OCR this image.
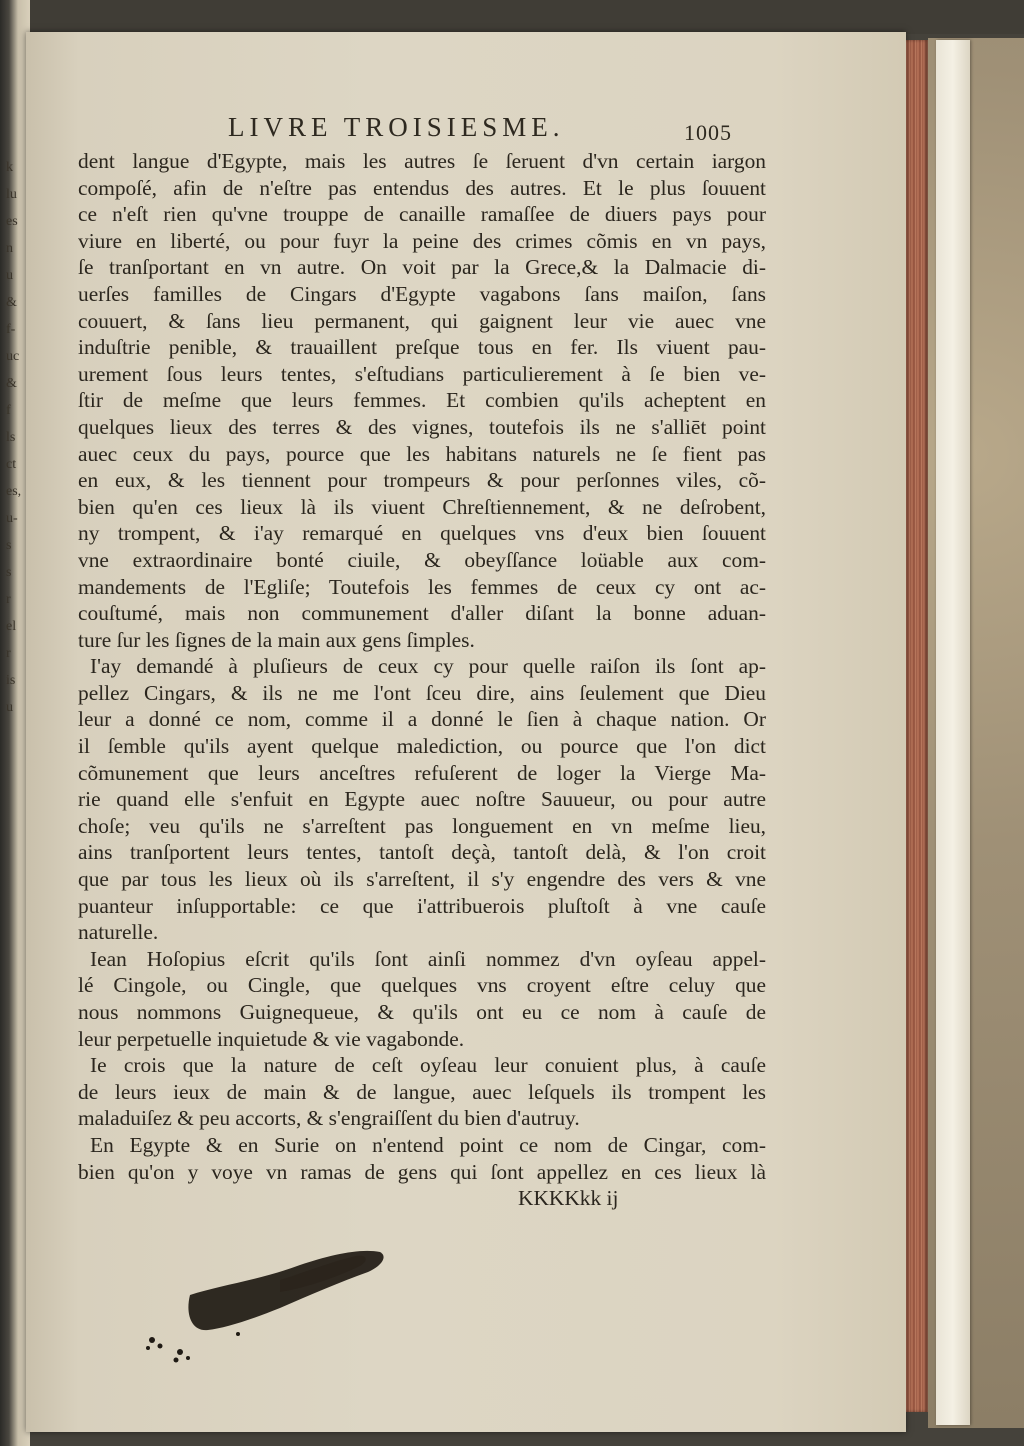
k
lu
es
n
u
&
f-
uc
&
f
ls
ct
es,
u-
s
s
r
el
r
is
u
LIVRE TROISIESME.	1005
dent langue d'Egypte, mais les autres ſe ſeruent d'vn certain iargon
compoſé, afin de n'eſtre pas entendus des autres. Et le plus ſouuent
ce n'eſt rien qu'vne trouppe de canaille ramaſſee de diuers pays pour
viure en liberté, ou pour fuyr la peine des crimes cõmis en vn pays,
ſe tranſportant en vn autre. On voit par la Grece,& la Dalmacie di-
uerſes familles de Cingars d'Egypte vagabons ſans maiſon, ſans
couuert, & ſans lieu permanent, qui gaignent leur vie auec vne
induſtrie penible, & trauaillent preſque tous en fer. Ils viuent pau-
urement ſous leurs tentes, s'eſtudians particulierement à ſe bien ve-
ſtir de meſme que leurs femmes. Et combien qu'ils acheptent en
quelques lieux des terres & des vignes, toutefois ils ne s'alliēt point
auec ceux du pays, pource que les habitans naturels ne ſe fient pas
en eux, & les tiennent pour trompeurs & pour perſonnes viles, cõ-
bien qu'en ces lieux là ils viuent Chreſtiennement, & ne deſrobent,
ny trompent, & i'ay remarqué en quelques vns d'eux bien ſouuent
vne extraordinaire bonté ciuile, & obeyſſance loüable aux com-
mandements de l'Egliſe; Toutefois les femmes de ceux cy ont ac-
couſtumé, mais non communement d'aller diſant la bonne aduan-
ture ſur les ſignes de la main aux gens ſimples.
I'ay demandé à pluſieurs de ceux cy pour quelle raiſon ils ſont ap-
pellez Cingars, & ils ne me l'ont ſceu dire, ains ſeulement que Dieu
leur a donné ce nom, comme il a donné le ſien à chaque nation. Or
il ſemble qu'ils ayent quelque malediction, ou pource que l'on dict
cõmunement que leurs anceſtres refuſerent de loger la Vierge Ma-
rie quand elle s'enfuit en Egypte auec noſtre Sauueur, ou pour autre
choſe; veu qu'ils ne s'arreſtent pas longuement en vn meſme lieu,
ains tranſportent leurs tentes, tantoſt deçà, tantoſt delà, & l'on croit
que par tous les lieux où ils s'arreſtent, il s'y engendre des vers & vne
puanteur inſupportable: ce que i'attribuerois pluſtoſt à vne cauſe
naturelle.
Iean Hoſopius eſcrit qu'ils ſont ainſi nommez d'vn oyſeau appel-
lé Cingole, ou Cingle, que quelques vns croyent eſtre celuy que
nous nommons Guignequeue, & qu'ils ont eu ce nom à cauſe de
leur perpetuelle inquietude & vie vagabonde.
Ie crois que la nature de ceſt oyſeau leur conuient plus, à cauſe
de leurs ieux de main & de langue, auec leſquels ils trompent les
maladuiſez & peu accorts, & s'engraiſſent du bien d'autruy.
En Egypte & en Surie on n'entend point ce nom de Cingar, com-
bien qu'on y voye vn ramas de gens qui ſont appellez en ces lieux là
KKKKkk ij
